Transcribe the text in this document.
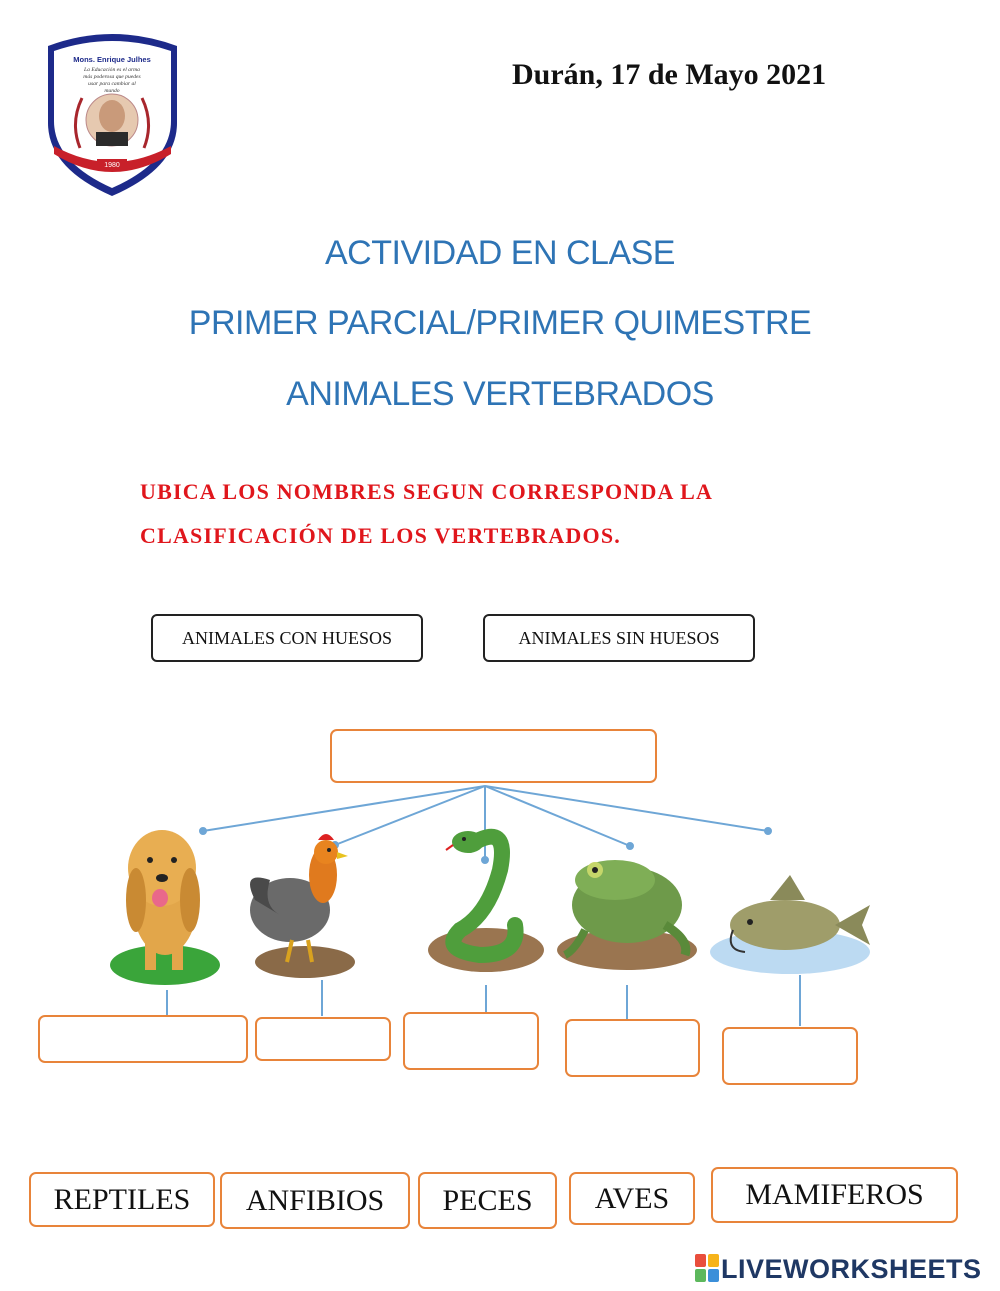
1980
Unidad Educativa
Mons. Enrique Julhes
La Educación es el arma
más poderosa que puedes
usar para cambiar al
mundo	Durán, 17 de Mayo 2021
ACTIVIDAD EN CLASE
PRIMER PARCIAL/PRIMER QUIMESTRE
ANIMALES VERTEBRADOS
UBICA LOS NOMBRES SEGUN CORRESPONDA LA
CLASIFICACIÓN DE LOS VERTEBRADOS.
ANIMALES CON HUESOS	ANIMALES SIN HUESOS
REPTILES	ANFIBIOS	PECES	AVES	MAMIFEROS
LIVEWORKSHEETS
